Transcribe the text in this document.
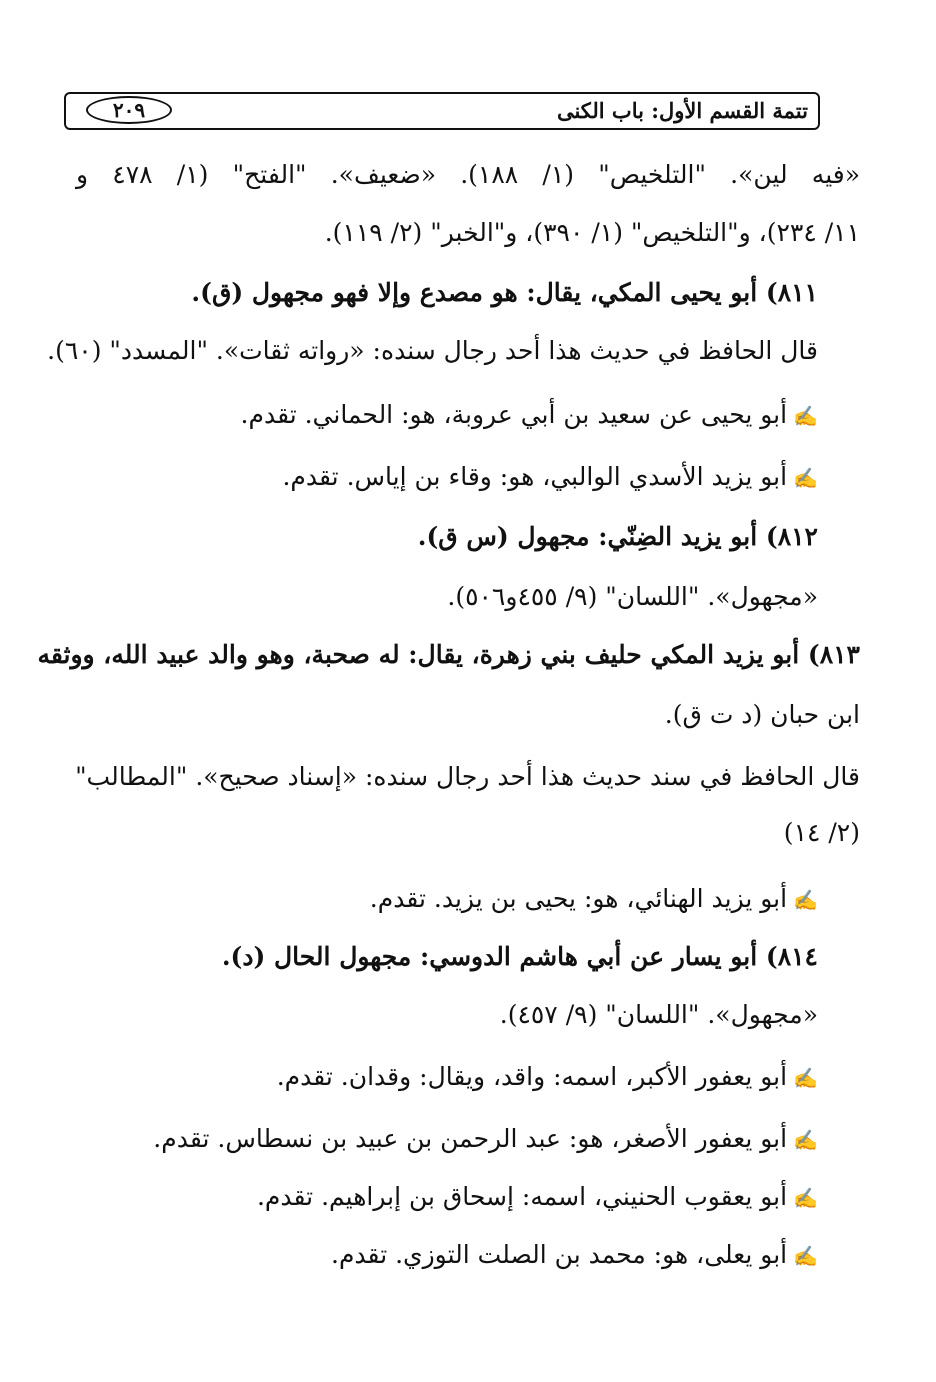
تتمة القسم الأول: باب الكنى
٢٠٩
«فيه لين». "التلخيص" (١/ ١٨٨). «ضعيف». "الفتح" (١/ ٤٧٨ و
١١/ ٢٣٤)، و"التلخيص" (١/ ٣٩٠)، و"الخبر" (٢/ ١١٩).
٨١١) أبو يحيى المكي، يقال: هو مصدع وإلا فهو مجهول (ق).
قال الحافظ في حديث هذا أحد رجال سنده: «رواته ثقات». "المسدد" (٦٠).
✍أبو يحيى عن سعيد بن أبي عروبة، هو: الحماني. تقدم.
✍أبو يزيد الأسدي الوالبي، هو: وقاء بن إياس. تقدم.
٨١٢) أبو يزيد الضِنّي: مجهول (س ق).
«مجهول». "اللسان" (٩/ ٤٥٥و٥٠٦).
٨١٣) أبو يزيد المكي حليف بني زهرة، يقال: له صحبة، وهو والد عبيد الله، ووثقه
ابن حبان (د ت ق).
قال الحافظ في سند حديث هذا أحد رجال سنده: «إسناد صحيح». "المطالب"
(٢/ ١٤)
✍أبو يزيد الهنائي، هو: يحيى بن يزيد. تقدم.
٨١٤) أبو يسار عن أبي هاشم الدوسي: مجهول الحال (د).
«مجهول». "اللسان" (٩/ ٤٥٧).
✍أبو يعفور الأكبر، اسمه: واقد، ويقال: وقدان. تقدم.
✍أبو يعفور الأصغر، هو: عبد الرحمن بن عبيد بن نسطاس. تقدم.
✍أبو يعقوب الحنيني، اسمه: إسحاق بن إبراهيم. تقدم.
✍أبو يعلى، هو: محمد بن الصلت التوزي. تقدم.
